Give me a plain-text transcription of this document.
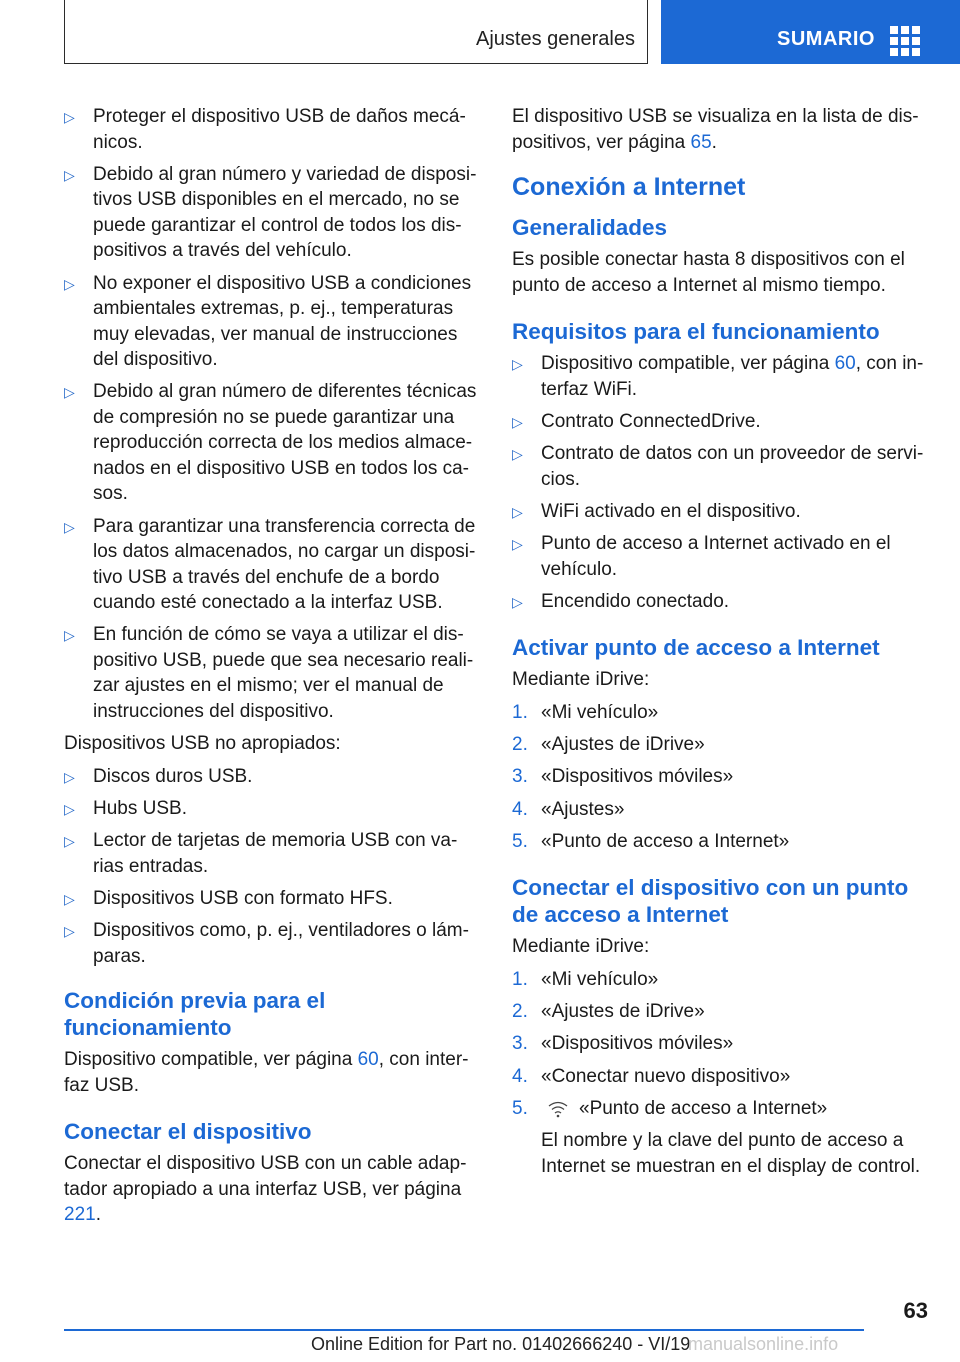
Ajustes generales	SUMARIO
▷ Proteger el dispositivo USB de daños mecánicos.
▷ Debido al gran número y variedad de dispositivos USB disponibles en el mercado, no se puede garantizar el control de todos los dispositivos a través del vehículo.
▷ No exponer el dispositivo USB a condiciones ambientales extremas, p. ej., temperaturas muy elevadas, ver manual de instrucciones del dispositivo.
▷ Debido al gran número de diferentes técnicas de compresión no se puede garantizar una reproducción correcta de los medios almacenados en el dispositivo USB en todos los casos.
▷ Para garantizar una transferencia correcta de los datos almacenados, no cargar un dispositivo USB a través del enchufe de a bordo cuando esté conectado a la interfaz USB.
▷ En función de cómo se vaya a utilizar el dispositivo USB, puede que sea necesario realizar ajustes en el mismo; ver el manual de instrucciones del dispositivo.

Dispositivos USB no apropiados:

▷ Discos duros USB.
▷ Hubs USB.
▷ Lector de tarjetas de memoria USB con varias entradas.
▷ Dispositivos USB con formato HFS.
▷ Dispositivos como, p. ej., ventiladores o lámparas.
Condición previa para el funcionamiento

Dispositivo compatible, ver página 60, con interfaz USB.

Conectar el dispositivo

Conectar el dispositivo USB con un cable adaptador apropiado a una interfaz USB, ver página 221.

El dispositivo USB se visualiza en la lista de dispositivos, ver página 65.

Conexión a Internet
Generalidades

Es posible conectar hasta 8 dispositivos con el punto de acceso a Internet al mismo tiempo.

Requisitos para el funcionamiento
▷ Dispositivo compatible, ver página 60, con interfaz WiFi.
▷ Contrato ConnectedDrive.
▷ Contrato de datos con un proveedor de servicios.
▷ WiFi activado en el dispositivo.
▷ Punto de acceso a Internet activado en el vehículo.
▷ Encendido conectado.
Activar punto de acceso a Internet

Mediante iDrive:

1. «Mi vehículo»
2. «Ajustes de iDrive»
3. «Dispositivos móviles»
4. «Ajustes»
5. «Punto de acceso a Internet»
Conectar el dispositivo con un punto de acceso a Internet

Mediante iDrive:

1. «Mi vehículo»
2. «Ajustes de iDrive»
3. «Dispositivos móviles»
4. «Conectar nuevo dispositivo»
5.	«Punto de acceso a Internet»

El nombre y la clave del punto de acceso a Internet se muestran en el display de control.

63
Online Edition for Part no. 01402666240 - VI/19
manualsonline.info
